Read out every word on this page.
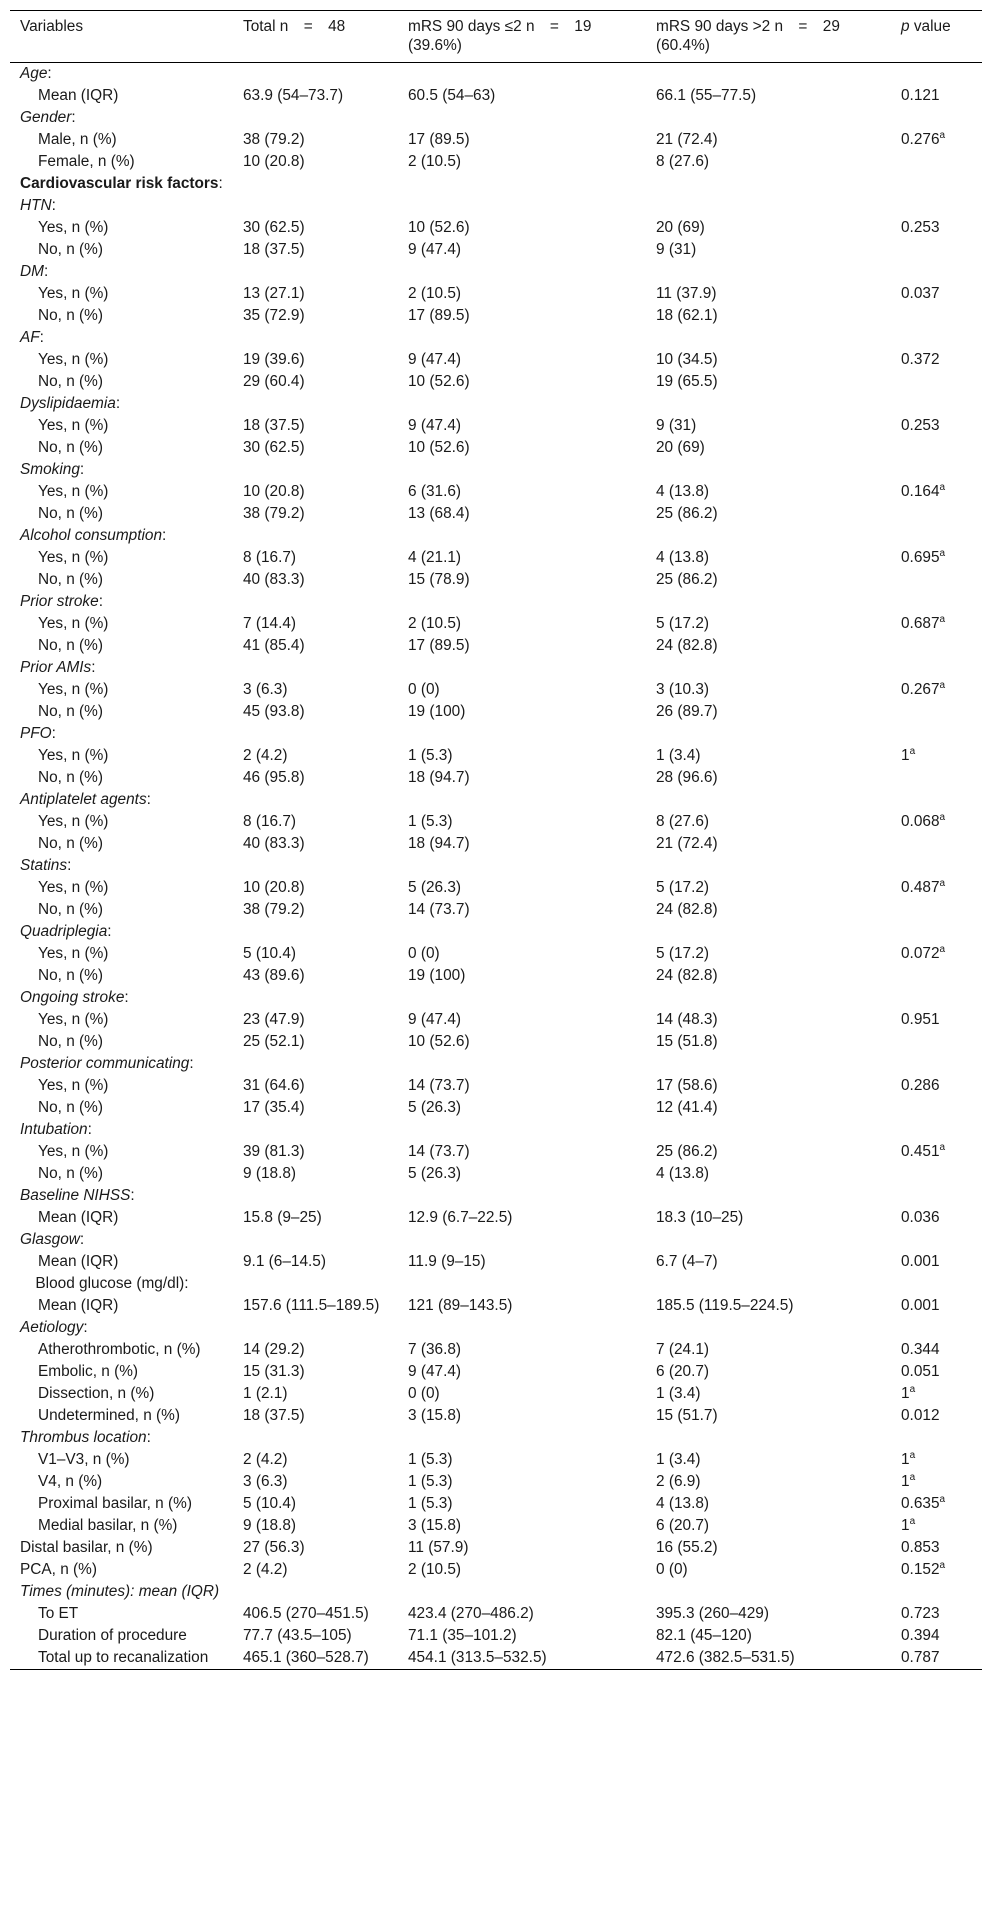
Variables	Total n = 48	mRS 90 days ≤2 n = 19 (39.6%)	mRS 90 days >2 n = 29 (60.4%)	p value
Age:				
Mean (IQR)	63.9 (54–73.7)	60.5 (54–63)	66.1 (55–77.5)	0.121
Gender:				
Male, n (%)	38 (79.2)	17 (89.5)	21 (72.4)	0.276$^a$
Female, n (%)	10 (20.8)	2 (10.5)	8 (27.6)	
Cardiovascular risk factors:				
HTN:				
Yes, n (%)	30 (62.5)	10 (52.6)	20 (69)	0.253
No, n (%)	18 (37.5)	9 (47.4)	9 (31)	
DM:				
Yes, n (%)	13 (27.1)	2 (10.5)	11 (37.9)	0.037
No, n (%)	35 (72.9)	17 (89.5)	18 (62.1)	
AF:				
Yes, n (%)	19 (39.6)	9 (47.4)	10 (34.5)	0.372
No, n (%)	29 (60.4)	10 (52.6)	19 (65.5)	
Dyslipidaemia:				
Yes, n (%)	18 (37.5)	9 (47.4)	9 (31)	0.253
No, n (%)	30 (62.5)	10 (52.6)	20 (69)	
Smoking:				
Yes, n (%)	10 (20.8)	6 (31.6)	4 (13.8)	0.164$^a$
No, n (%)	38 (79.2)	13 (68.4)	25 (86.2)	
Alcohol consumption:				
Yes, n (%)	8 (16.7)	4 (21.1)	4 (13.8)	0.695$^a$
No, n (%)	40 (83.3)	15 (78.9)	25 (86.2)	
Prior stroke:				
Yes, n (%)	7 (14.4)	2 (10.5)	5 (17.2)	0.687$^a$
No, n (%)	41 (85.4)	17 (89.5)	24 (82.8)	
Prior AMIs:				
Yes, n (%)	3 (6.3)	0 (0)	3 (10.3)	0.267$^a$
No, n (%)	45 (93.8)	19 (100)	26 (89.7)	
PFO:				
Yes, n (%)	2 (4.2)	1 (5.3)	1 (3.4)	1$^a$
No, n (%)	46 (95.8)	18 (94.7)	28 (96.6)	
Antiplatelet agents:				
Yes, n (%)	8 (16.7)	1 (5.3)	8 (27.6)	0.068$^a$
No, n (%)	40 (83.3)	18 (94.7)	21 (72.4)	
Statins:				
Yes, n (%)	10 (20.8)	5 (26.3)	5 (17.2)	0.487$^a$
No, n (%)	38 (79.2)	14 (73.7)	24 (82.8)	
Quadriplegia:				
Yes, n (%)	5 (10.4)	0 (0)	5 (17.2)	0.072$^a$
No, n (%)	43 (89.6)	19 (100)	24 (82.8)	
Ongoing stroke:				
Yes, n (%)	23 (47.9)	9 (47.4)	14 (48.3)	0.951
No, n (%)	25 (52.1)	10 (52.6)	15 (51.8)	
Posterior communicating:				
Yes, n (%)	31 (64.6)	14 (73.7)	17 (58.6)	0.286
No, n (%)	17 (35.4)	5 (26.3)	12 (41.4)	
Intubation:				
Yes, n (%)	39 (81.3)	14 (73.7)	25 (86.2)	0.451$^a$
No, n (%)	9 (18.8)	5 (26.3)	4 (13.8)	
Baseline NIHSS:				
Mean (IQR)	15.8 (9–25)	12.9 (6.7–22.5)	18.3 (10–25)	0.036
Glasgow:				
Mean (IQR)	9.1 (6–14.5)	11.9 (9–15)	6.7 (4–7)	0.001
 Blood glucose (mg/dl):				
Mean (IQR)	157.6 (111.5–189.5)	121 (89–143.5)	185.5 (119.5–224.5)	0.001
Aetiology:				
Atherothrombotic, n (%)	14 (29.2)	7 (36.8)	7 (24.1)	0.344
Embolic, n (%)	15 (31.3)	9 (47.4)	6 (20.7)	0.051
Dissection, n (%)	1 (2.1)	0 (0)	1 (3.4)	1$^a$
Undetermined, n (%)	18 (37.5)	3 (15.8)	15 (51.7)	0.012
Thrombus location:				
V1–V3, n (%)	2 (4.2)	1 (5.3)	1 (3.4)	1$^a$
V4, n (%)	3 (6.3)	1 (5.3)	2 (6.9)	1$^a$
Proximal basilar, n (%)	5 (10.4)	1 (5.3)	4 (13.8)	0.635$^a$
Medial basilar, n (%)	9 (18.8)	3 (15.8)	6 (20.7)	1$^a$
Distal basilar, n (%)	27 (56.3)	11 (57.9)	16 (55.2)	0.853
PCA, n (%)	2 (4.2)	2 (10.5)	0 (0)	0.152$^a$
Times (minutes): mean (IQR)				
To ET	406.5 (270–451.5)	423.4 (270–486.2)	395.3 (260–429)	0.723
Duration of procedure	77.7 (43.5–105)	71.1 (35–101.2)	82.1 (45–120)	0.394
Total up to recanalization	465.1 (360–528.7)	454.1 (313.5–532.5)	472.6 (382.5–531.5)	0.787
